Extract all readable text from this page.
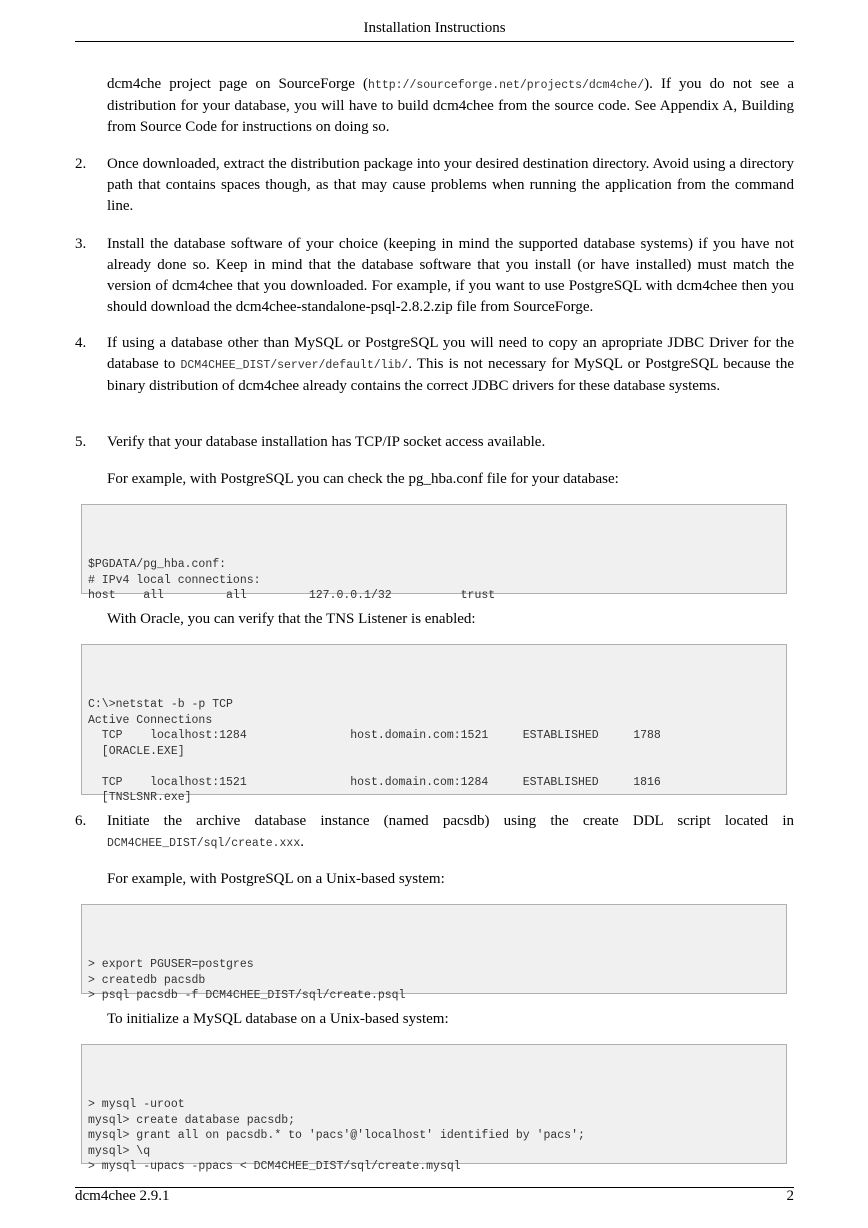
Installation Instructions

dcm4che project page on SourceForge (http://sourceforge.net/projects/dcm4che/). If you do not see a distribution for your database, you will have to build dcm4chee from the source code. See Appendix A, Building from Source Code for instructions on doing so.

2. Once downloaded, extract the distribution package into your desired destination directory. Avoid using a directory path that contains spaces though, as that may cause problems when running the application from the command line.

3. Install the database software of your choice (keeping in mind the supported database systems) if you have not already done so. Keep in mind that the database software that you install (or have installed) must match the version of dcm4chee that you downloaded. For example, if you want to use PostgreSQL with dcm4chee then you should download the dcm4chee-standalone-psql-2.8.2.zip file from SourceForge.

4. If using a database other than MySQL or PostgreSQL you will need to copy an apropriate JDBC Driver for the database to DCM4CHEE_DIST/server/default/lib/. This is not necessary for MySQL or PostgreSQL because the binary distribution of dcm4chee already contains the correct JDBC drivers for these database systems.

5. Verify that your database installation has TCP/IP socket access available.

For example, with PostgreSQL you can check the pg_hba.conf file for your database:

$PGDATA/pg_hba.conf:
# IPv4 local connections:
host    all         all         127.0.0.1/32          trust

With Oracle, you can verify that the TNS Listener is enabled:

C:\>netstat -b -p TCP
Active Connections
TCP    localhost:1284               host.domain.com:1521     ESTABLISHED     1788
[ORACLE.EXE]
TCP    localhost:1521               host.domain.com:1284     ESTABLISHED     1816
[TNSLSNR.exe]

6. Initiate the archive database instance (named pacsdb) using the create DDL script located in

DCM4CHEE_DIST/sql/create.xxx.

For example, with PostgreSQL on a Unix-based system:

> export PGUSER=postgres
> createdb pacsdb
> psql pacsdb -f DCM4CHEE_DIST/sql/create.psql

To initialize a MySQL database on a Unix-based system:

> mysql -uroot
mysql> create database pacsdb;
mysql> grant all on pacsdb.* to 'pacs'@'localhost' identified by 'pacs';
mysql> \q
> mysql -upacs -ppacs < DCM4CHEE_DIST/sql/create.mysql

dcm4chee 2.9.1	2
